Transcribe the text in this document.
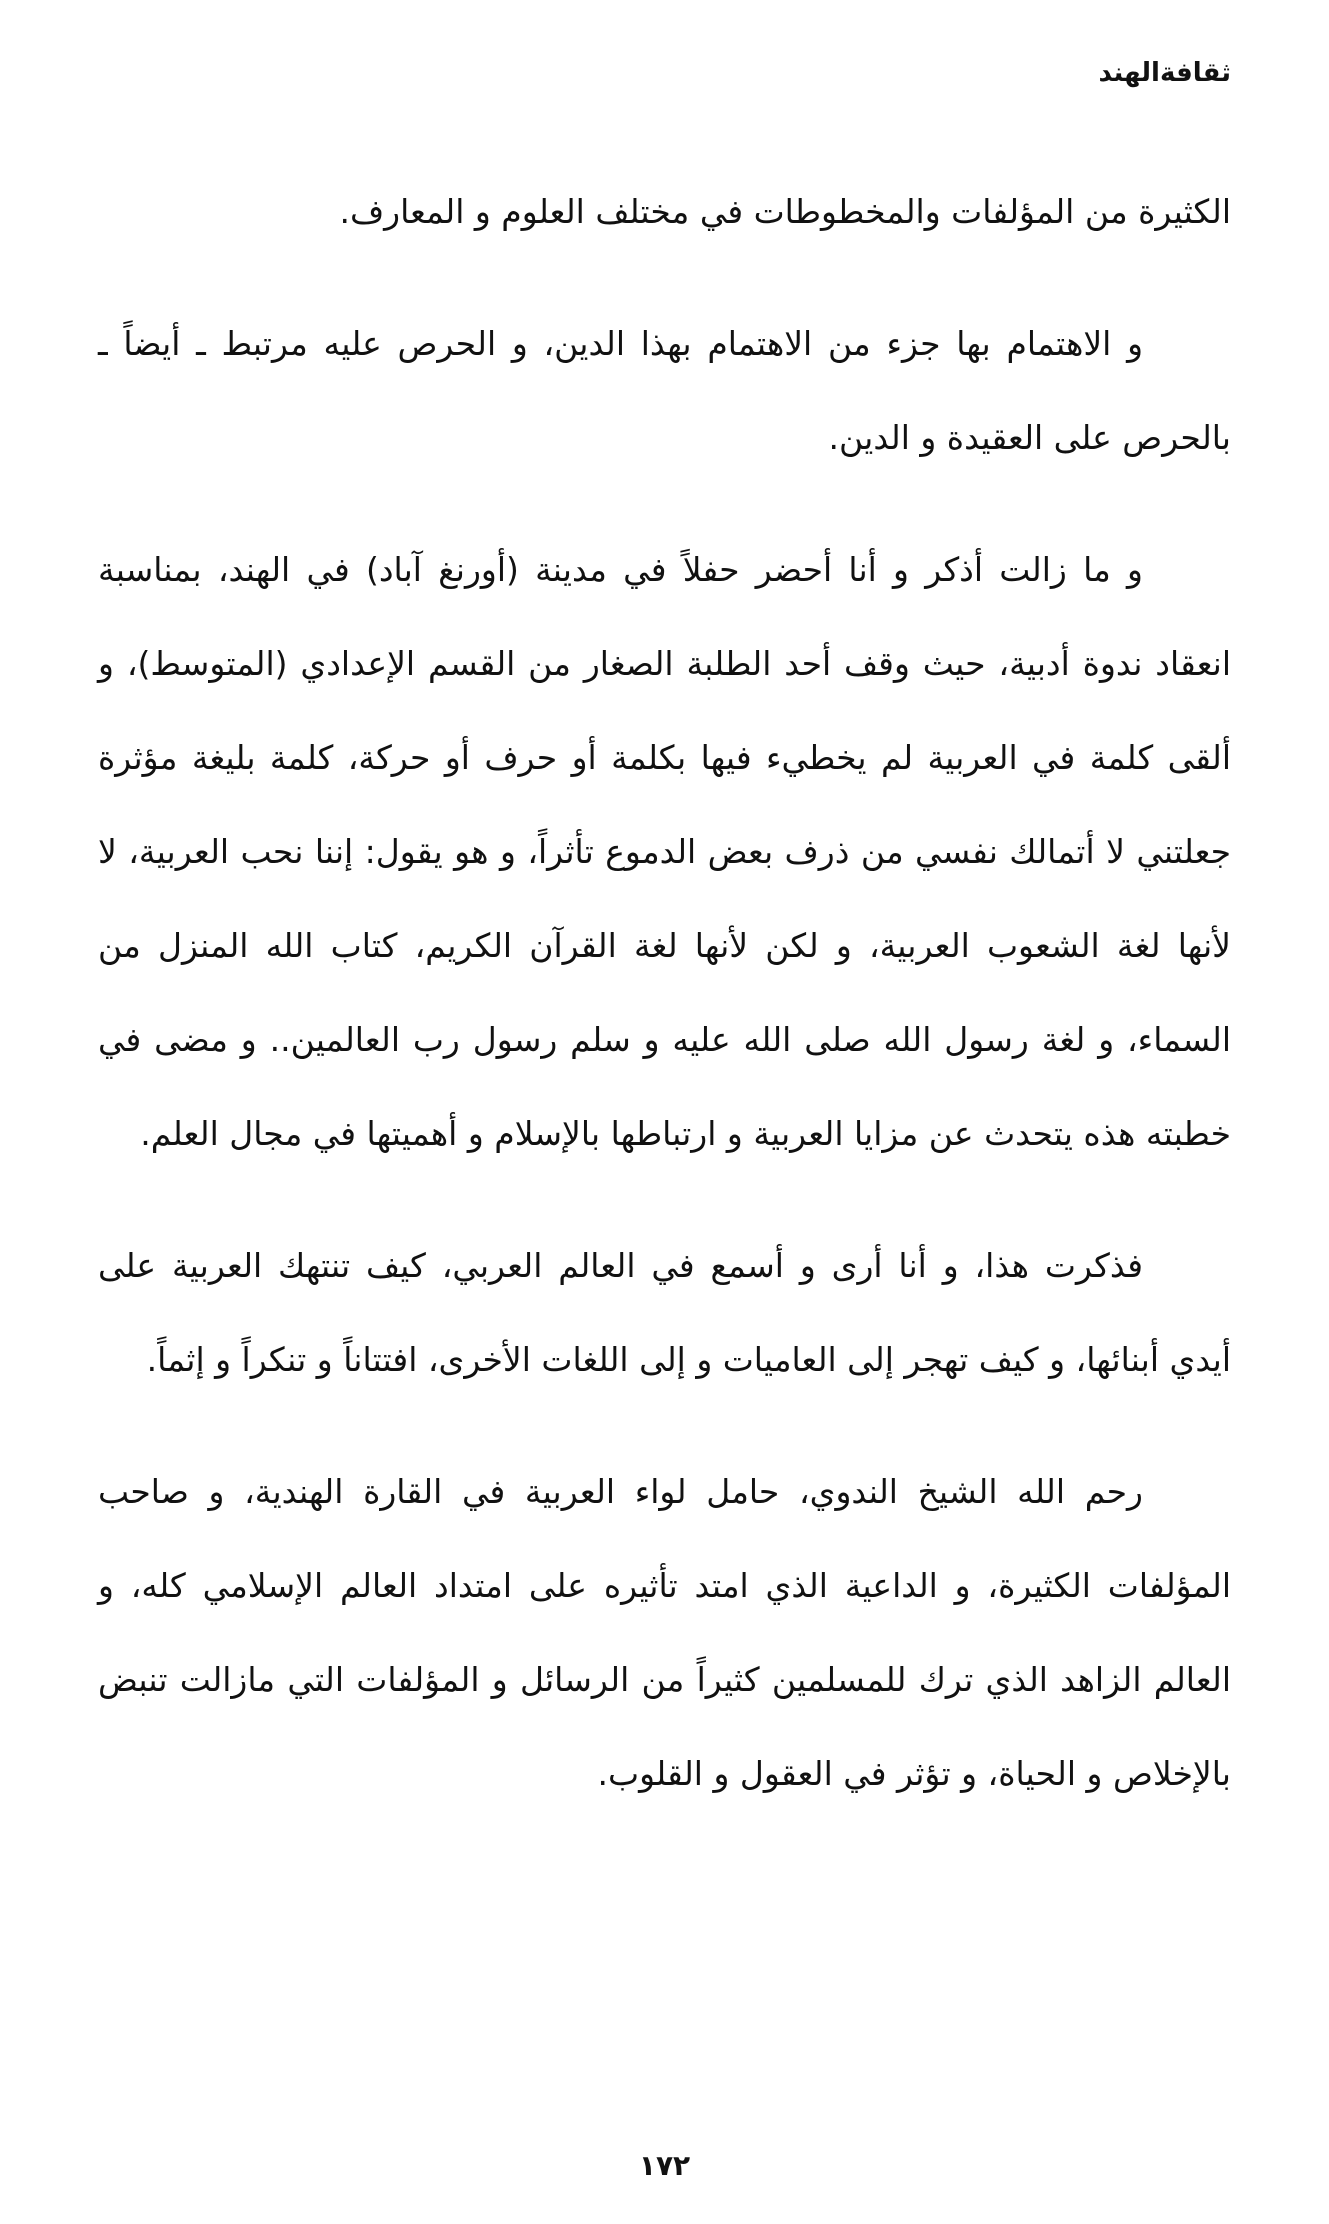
ثقافةالهند

الكثيرة من المؤلفات والمخطوطات في مختلف العلوم و المعارف.

و الاهتمام بها جزء من الاهتمام بهذا الدين، و الحرص عليه مرتبط ـ أيضاً ـ بالحرص على العقيدة و الدين.

و ما زالت أذكر و أنا أحضر حفلاً في مدينة (أورنغ آباد) في الهند، بمناسبة انعقاد ندوة أدبية، حيث وقف أحد الطلبة الصغار من القسم الإعدادي (المتوسط)، و ألقى كلمة في العربية لم يخطيء فيها بكلمة أو حرف أو حركة، كلمة بليغة مؤثرة جعلتني لا أتمالك نفسي من ذرف بعض الدموع تأثراً، و هو يقول: إننا نحب العربية، لا لأنها لغة الشعوب العربية، و لكن لأنها لغة القرآن الكريم، كتاب الله المنزل من السماء، و لغة رسول الله صلى الله عليه و سلم رسول رب العالمين.. و مضى في خطبته هذه يتحدث عن مزايا العربية و ارتباطها بالإسلام و أهميتها في مجال العلم.

فذكرت هذا، و أنا أرى و أسمع في العالم العربي، كيف تنتهك العربية على أيدي أبنائها، و كيف تهجر إلى العاميات و إلى اللغات الأخرى، افتتاناً و تنكراً و إثماً.

رحم الله الشيخ الندوي، حامل لواء العربية في القارة الهندية، و صاحب المؤلفات الكثيرة، و الداعية الذي امتد تأثيره على امتداد العالم الإسلامي كله، و العالم الزاهد الذي ترك للمسلمين كثيراً من الرسائل و المؤلفات التي مازالت تنبض بالإخلاص و الحياة، و تؤثر في العقول و القلوب.

١٧٢
